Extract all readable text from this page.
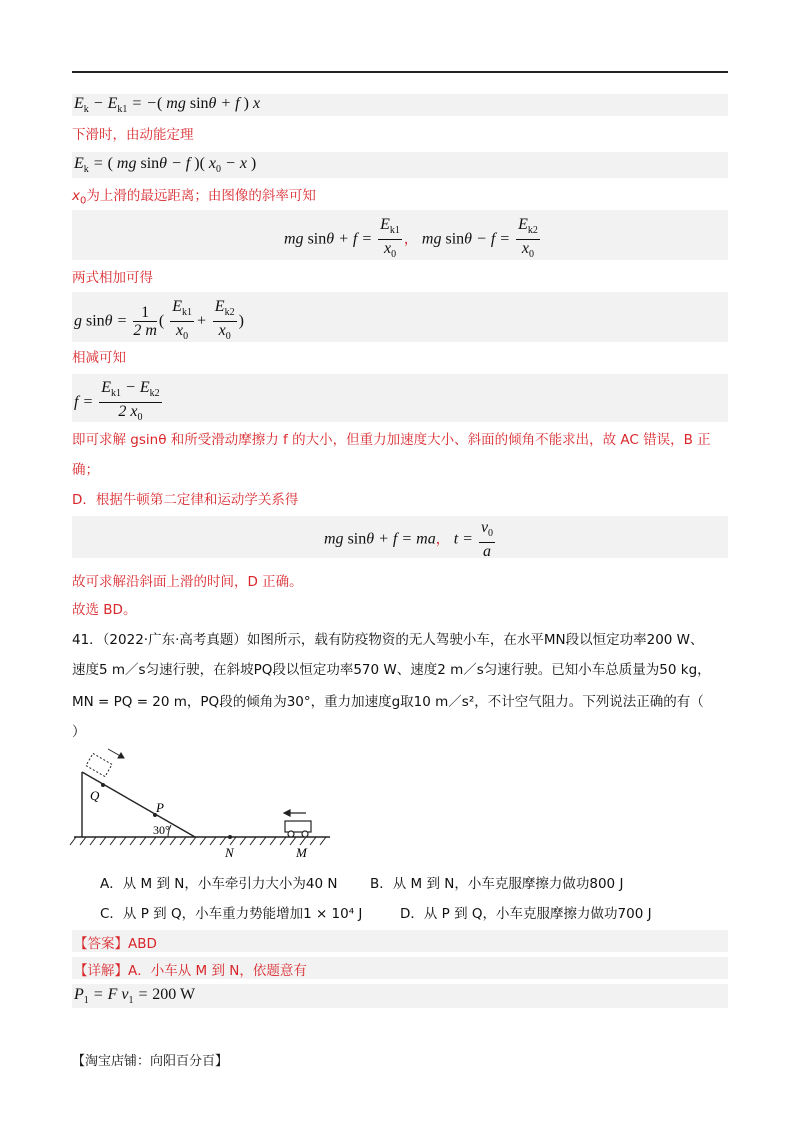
$E_k - E_{k1}$ = −( mg sinθ + f ) x
下滑时，由动能定理
$E_k$ = ( mg sinθ − f )( $x_0 - x$ )
$x_0$为上滑的最远距离；由图像的斜率可知
mg $\sin\theta + f = \frac{E_{k1}}{x_0}$ ， mg $\sin\theta - f = \frac{E_{k2}}{x_0}$
两式相加可得
g $\sin\theta = \frac{1}{2 m}$ ( $\frac{E_{k1}}{x_0} + \frac{E_{k2}}{x_0}$ )
相减可知
$f = \frac{E_{k1} - E_{k2}}{2 x_0}$
即可求解 gsinθ 和所受滑动摩擦力 f 的大小，但重力加速度大小、斜面的倾角不能求出，故 AC 错误，B 正
确；
D．根据牛顿第二定律和运动学关系得
mg sinθ + f = ma， $t = \frac{v_0}{a}$
故可求解沿斜面上滑的时间，D 正确。
故选 BD。
41．（2022·广东·高考真题）如图所示，载有防疫物资的无人驾驶小车，在水平MN段以恒定功率200 W、
速度5 m／s匀速行驶，在斜坡PQ段以恒定功率570 W、速度2 m／s匀速行驶。已知小车总质量为50 kg，
MN = PQ = 20 m，PQ段的倾角为30°，重力加速度g取10 m／s²，不计空气阻力。下列说法正确的有（
）
Q
P
30°
N	M
A．从 M 到 N，小车牵引力大小为40 N B．从 M 到 N，小车克服摩擦力做功800 J
C．从 P 到 Q，小车重力势能增加1 × 10⁴ J	D．从 P 到 Q，小车克服摩擦力做功700 J
【答案】ABD
【详解】A．小车从 M 到 N，依题意有
$P_1 = F$ $v_1 = 200$ W
【淘宝店铺：向阳百分百】
